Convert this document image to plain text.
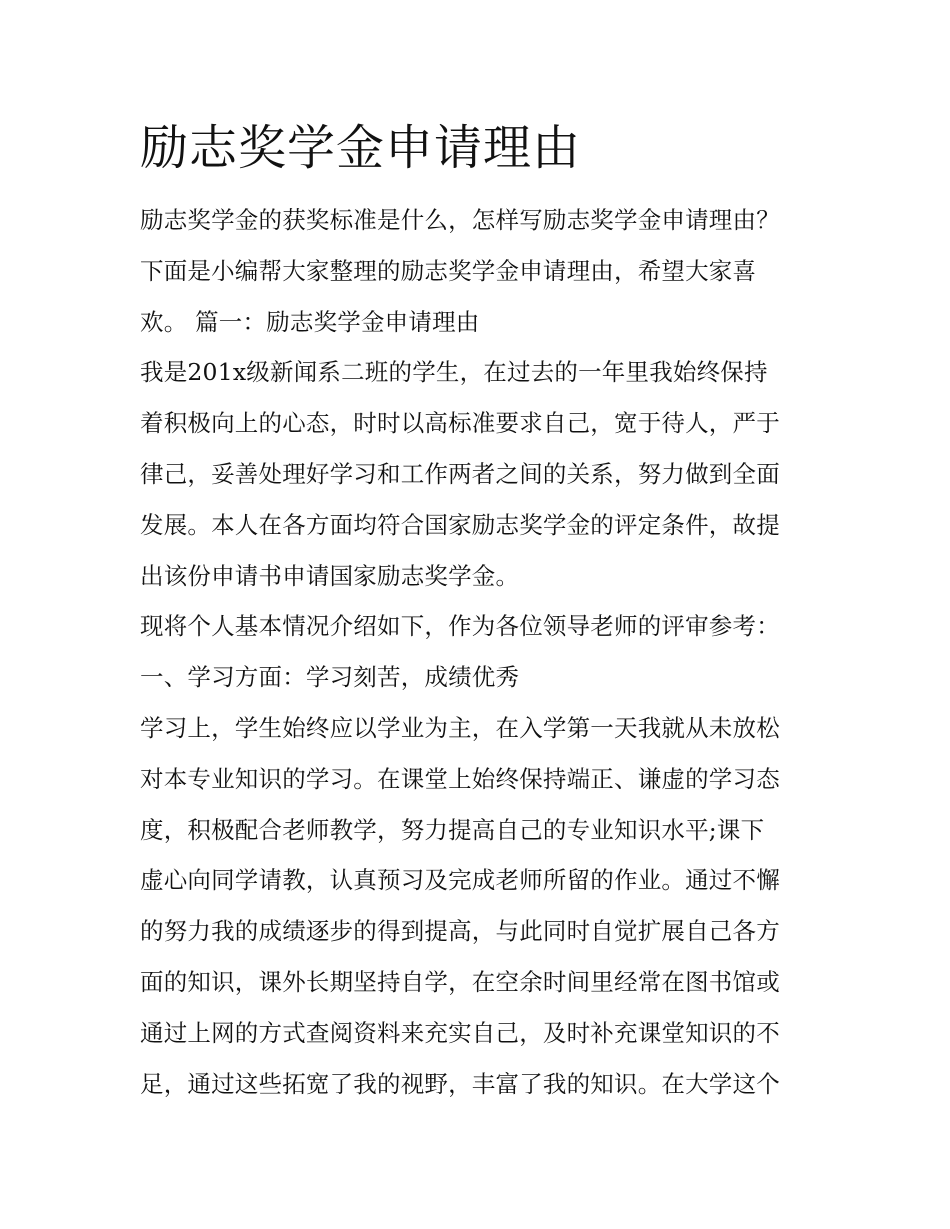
励志奖学金申请理由
励志奖学金的获奖标准是什么，怎样写励志奖学金申请理由？
下面是小编帮大家整理的励志奖学金申请理由，希望大家喜
欢。 篇一：励志奖学金申请理由
我是201x级新闻系二班的学生，在过去的一年里我始终保持
着积极向上的心态，时时以高标准要求自己，宽于待人，严于
律己，妥善处理好学习和工作两者之间的关系，努力做到全面
发展。本人在各方面均符合国家励志奖学金的评定条件，故提
出该份申请书申请国家励志奖学金。
现将个人基本情况介绍如下，作为各位领导老师的评审参考：
一、学习方面：学习刻苦，成绩优秀
学习上，学生始终应以学业为主，在入学第一天我就从未放松
对本专业知识的学习。在课堂上始终保持端正、谦虚的学习态
度，积极配合老师教学，努力提高自己的专业知识水平;课下
虚心向同学请教，认真预习及完成老师所留的作业。通过不懈
的努力我的成绩逐步的得到提高，与此同时自觉扩展自己各方
面的知识，课外长期坚持自学，在空余时间里经常在图书馆或
通过上网的方式查阅资料来充实自己，及时补充课堂知识的不
足，通过这些拓宽了我的视野，丰富了我的知识。在大学这个
